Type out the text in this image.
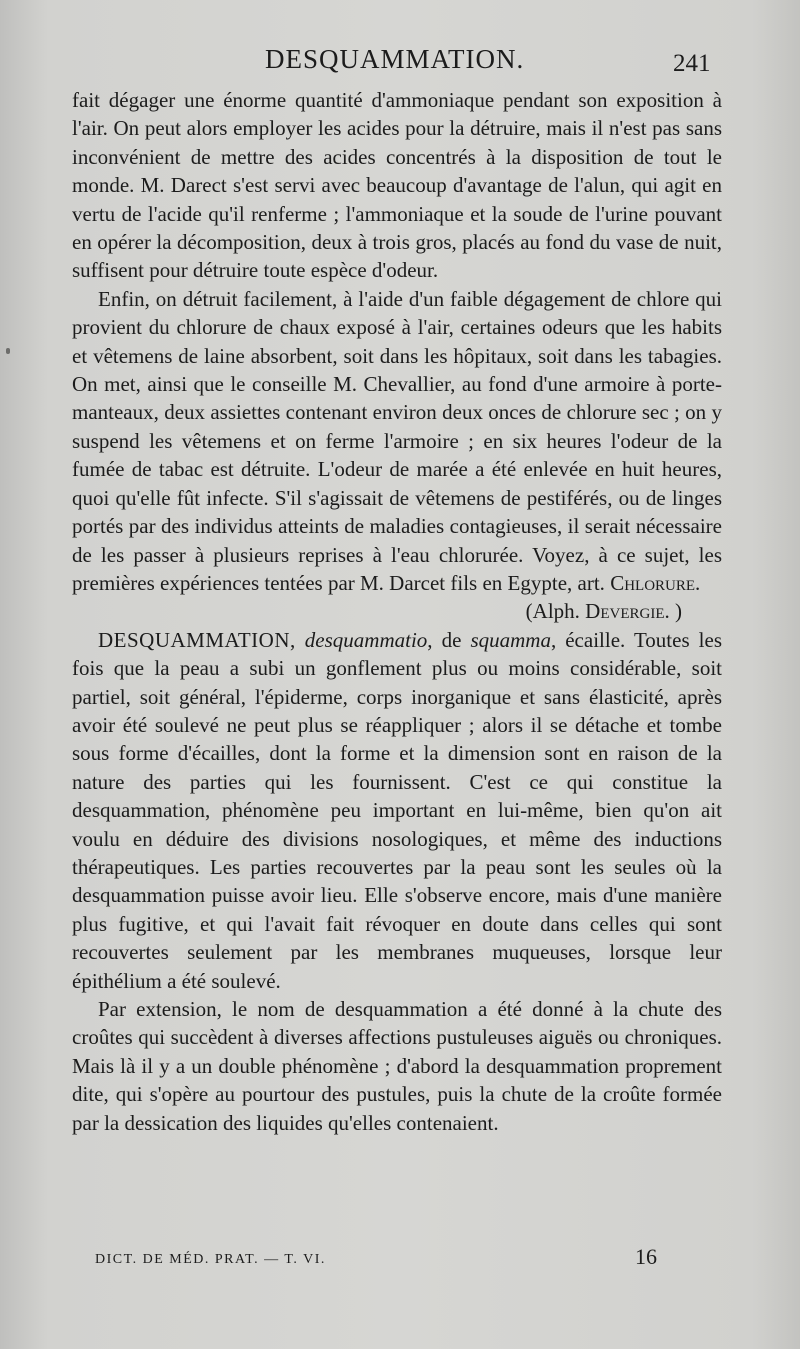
DESQUAMMATION.	241

fait dégager une énorme quantité d'ammoniaque pendant son exposition à l'air. On peut alors employer les acides pour la détruire, mais il n'est pas sans inconvénient de mettre des acides concentrés à la disposition de tout le monde. M. Darect s'est servi avec beaucoup d'avantage de l'alun, qui agit en vertu de l'acide qu'il renferme ; l'ammoniaque et la soude de l'urine pouvant en opérer la décomposition, deux à trois gros, placés au fond du vase de nuit, suffisent pour détruire toute espèce d'odeur.

Enfin, on détruit facilement, à l'aide d'un faible dégagement de chlore qui provient du chlorure de chaux exposé à l'air, certaines odeurs que les habits et vêtemens de laine absorbent, soit dans les hôpitaux, soit dans les tabagies. On met, ainsi que le conseille M. Chevallier, au fond d'une armoire à porte-manteaux, deux assiettes contenant environ deux onces de chlorure sec ; on y suspend les vêtemens et on ferme l'armoire ; en six heures l'odeur de la fumée de tabac est détruite. L'odeur de marée a été enlevée en huit heures, quoi qu'elle fût infecte. S'il s'agissait de vêtemens de pestiférés, ou de linges portés par des individus atteints de maladies contagieuses, il serait nécessaire de les passer à plusieurs reprises à l'eau chlorurée. Voyez, à ce sujet, les premières expériences tentées par M. Darcet fils en Egypte, art. Chlorure.

(Alph. Devergie. )

DESQUAMMATION, desquammatio, de squamma, écaille. Toutes les fois que la peau a subi un gonflement plus ou moins considérable, soit partiel, soit général, l'épiderme, corps inorganique et sans élasticité, après avoir été soulevé ne peut plus se réappliquer ; alors il se détache et tombe sous forme d'écailles, dont la forme et la dimension sont en raison de la nature des parties qui les fournissent. C'est ce qui constitue la desquammation, phénomène peu important en lui-même, bien qu'on ait voulu en déduire des divisions nosologiques, et même des inductions thérapeutiques. Les parties recouvertes par la peau sont les seules où la desquammation puisse avoir lieu. Elle s'observe encore, mais d'une manière plus fugitive, et qui l'avait fait révoquer en doute dans celles qui sont recouvertes seulement par les membranes muqueuses, lorsque leur épithélium a été soulevé.

Par extension, le nom de desquammation a été donné à la chute des croûtes qui succèdent à diverses affections pustuleuses aiguës ou chroniques. Mais là il y a un double phénomène ; d'abord la desquammation proprement dite, qui s'opère au pourtour des pustules, puis la chute de la croûte formée par la dessication des liquides qu'elles contenaient.

DICT. DE MÉD. PRAT. — T. VI.	16
